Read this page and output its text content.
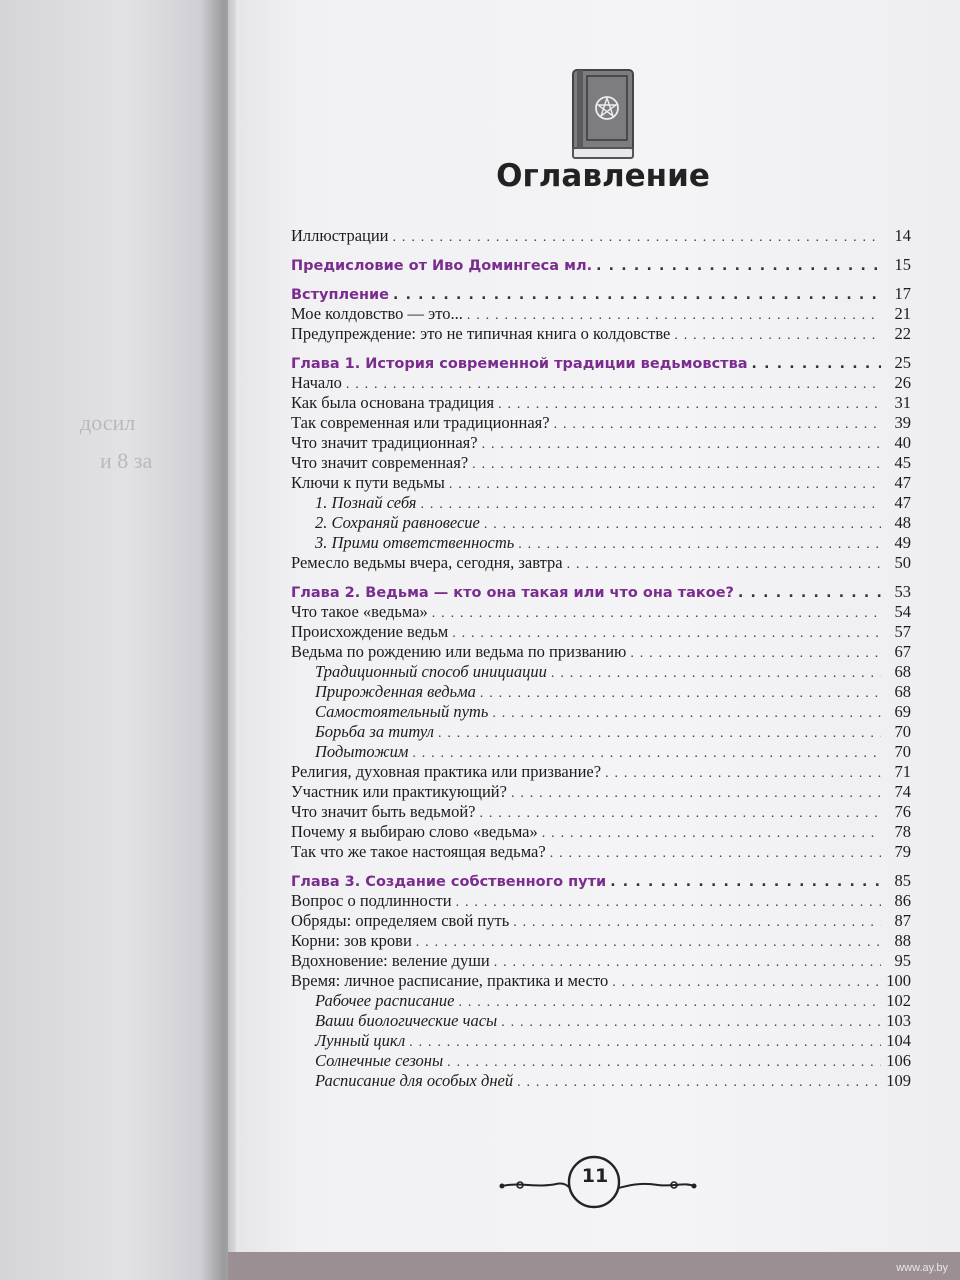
досил
и 8 за
www.ay.by
Оглавление
Иллюстрации . . .	14
Предисловие от Иво Домингеса мл. . . .	15
Вступление . . .	17
Мое колдовство — это... . . .	21
Предупреждение: это не типичная книга о колдовстве . . .	22
Глава 1. История современной традиции ведьмовства . . .	25
Начало . . .	26
Как была основана традиция . . .	31
Так современная или традиционная? . . .	39
Что значит традиционная? . . .	40
Что значит современная? . . .	45
Ключи к пути ведьмы . . .	47
1. Познай себя . . .	47
2. Сохраняй равновесие . . .	48
3. Прими ответственность . . .	49
Ремесло ведьмы вчера, сегодня, завтра . . .	50
Глава 2. Ведьма — кто она такая или что она такое? . . .	53
Что такое «ведьма» . . .	54
Происхождение ведьм . . .	57
Ведьма по рождению или ведьма по призванию . . .	67
Традиционный способ инициации . . .	68
Прирожденная ведьма . . .	68
Самостоятельный путь . . .	69
Борьба за титул . . .	70
Подытожим . . .	70
Религия, духовная практика или призвание? . . .	71
Участник или практикующий? . . .	74
Что значит быть ведьмой? . . .	76
Почему я выбираю слово «ведьма» . . .	78
Так что же такое настоящая ведьма? . . .	79
Глава 3. Создание собственного пути . . .	85
Вопрос о подлинности . . .	86
Обряды: определяем свой путь . . .	87
Корни: зов крови . . .	88
Вдохновение: веление души . . .	95
Время: личное расписание, практика и место . . .	100
Рабочее расписание . . .	102
Ваши биологические часы . . .	103
Лунный цикл . . .	104
Солнечные сезоны . . .	106
Расписание для особых дней . . .	109
11
